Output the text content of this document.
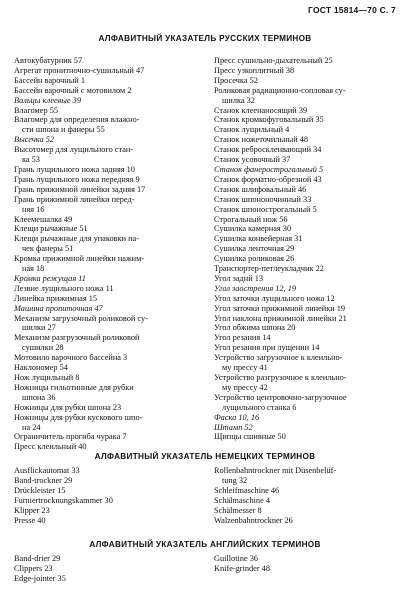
ГОСТ 15814—70 С. 7
АЛФАВИТНЫЙ УКАЗАТЕЛЬ РУССКИХ ТЕРМИНОВ
Автокубатурник 57
Агрегат пронитночно-сушильный 47
Бассейн варочный 1
Бассейн варочный с мотовилом 2
Вальцы клеевые 39
Влагомер 55
Влагомер для определения влажно-
сти шпона и фанеры 55
Высечка 52
Высотомер для лущильного стан-
ка 53
Грань лущильного ножа задняя 10
Грань лущильного ножа передняя 9
Грань прижимной линейки задняя 17
Грань прижимной линейки перед-
няя 16
Клеемешалка 49
Клещи рычажные 51
Клещи рычажные для упаковки па-
чек фанеры 51
Кромка прижимной линейки нажим-
ная 18
Кромка режущая 11
Лезвие лущильного ножа 11
Линейка прижимная 15
Машина пропиточная 47
Механизм загрузочный роликовой су-
шилки 27
Механизм разгрузочный роликовой
сушилки 28
Мотовило варочного бассейна 3
Наклономер 54
Нож лущильный 8
Ножницы гильотинные для рубки
шпона 36
Ножницы для рубки шпона 23
Ножницы для рубки кускового шпо-
на 24
Ограничитель прогиба чурака 7
Пресс клеильный 40
Пресс сушильно-дыхательный 25
Пресс узкоплитный 38
Просечка 52
Роликовая радиационно-сопловая су-
шилка 32
Станок клеенаносящий 39
Станок кромкофуговальный 35
Станок лущильный 4
Станок ножеточильный 48
Станок реброскленвающий 34
Станок усовочный 37
Станок фанерострогальный 5
Станок форматно-обрезной 43
Станок шлифовальный 46
Станок шпононочинный 33
Станок шпонострогальный 5
Строгальный нож 56
Сушилка камерная 30
Сушилка конвейерная 31
Сушилка ленточная 29
Сушилка роликовая 26
Транспортер-петлеукладчик 22
Угол заднй 13
Угол заострения 12, 19
Угол заточки лущильного ножа 12
Угол заточки прижимной линейки 19
Угол наклона прижимной линейки 21
Угол обжима шпона 20
Угол резания 14
Угол резания при лущении 14
Устройство загрузочное к клеильно-
му прессу 41
Устройство разгрузочное к клеильно-
му прессу 42
Устройство центровочно-загрузочное
лущильного станка 6
Фаска 10, 16
Штамп 52
Щипцы сшивные 50
АЛФАВИТНЫЙ УКАЗАТЕЛЬ НЕМЕЦКИХ ТЕРМИНОВ
Ausflickautomat 33
Band-trockner 29
Drückleister 15
Furniertrocknungskammer 30
Klipper 23
Presse 40
Rollenbahntrockner mit Düsenbelüf-
tung 32
Schleifmaschine 46
Schälmaschine 4
Schälmesser 8
Walzenbahntrockner 26
АЛФАВИТНЫЙ УКАЗАТЕЛЬ АНГЛИЙСКИХ ТЕРМИНОВ
Band-drier 29
Clippers 23
Edge-jointer 35
Guillotine 36
Knife-grinder 48
